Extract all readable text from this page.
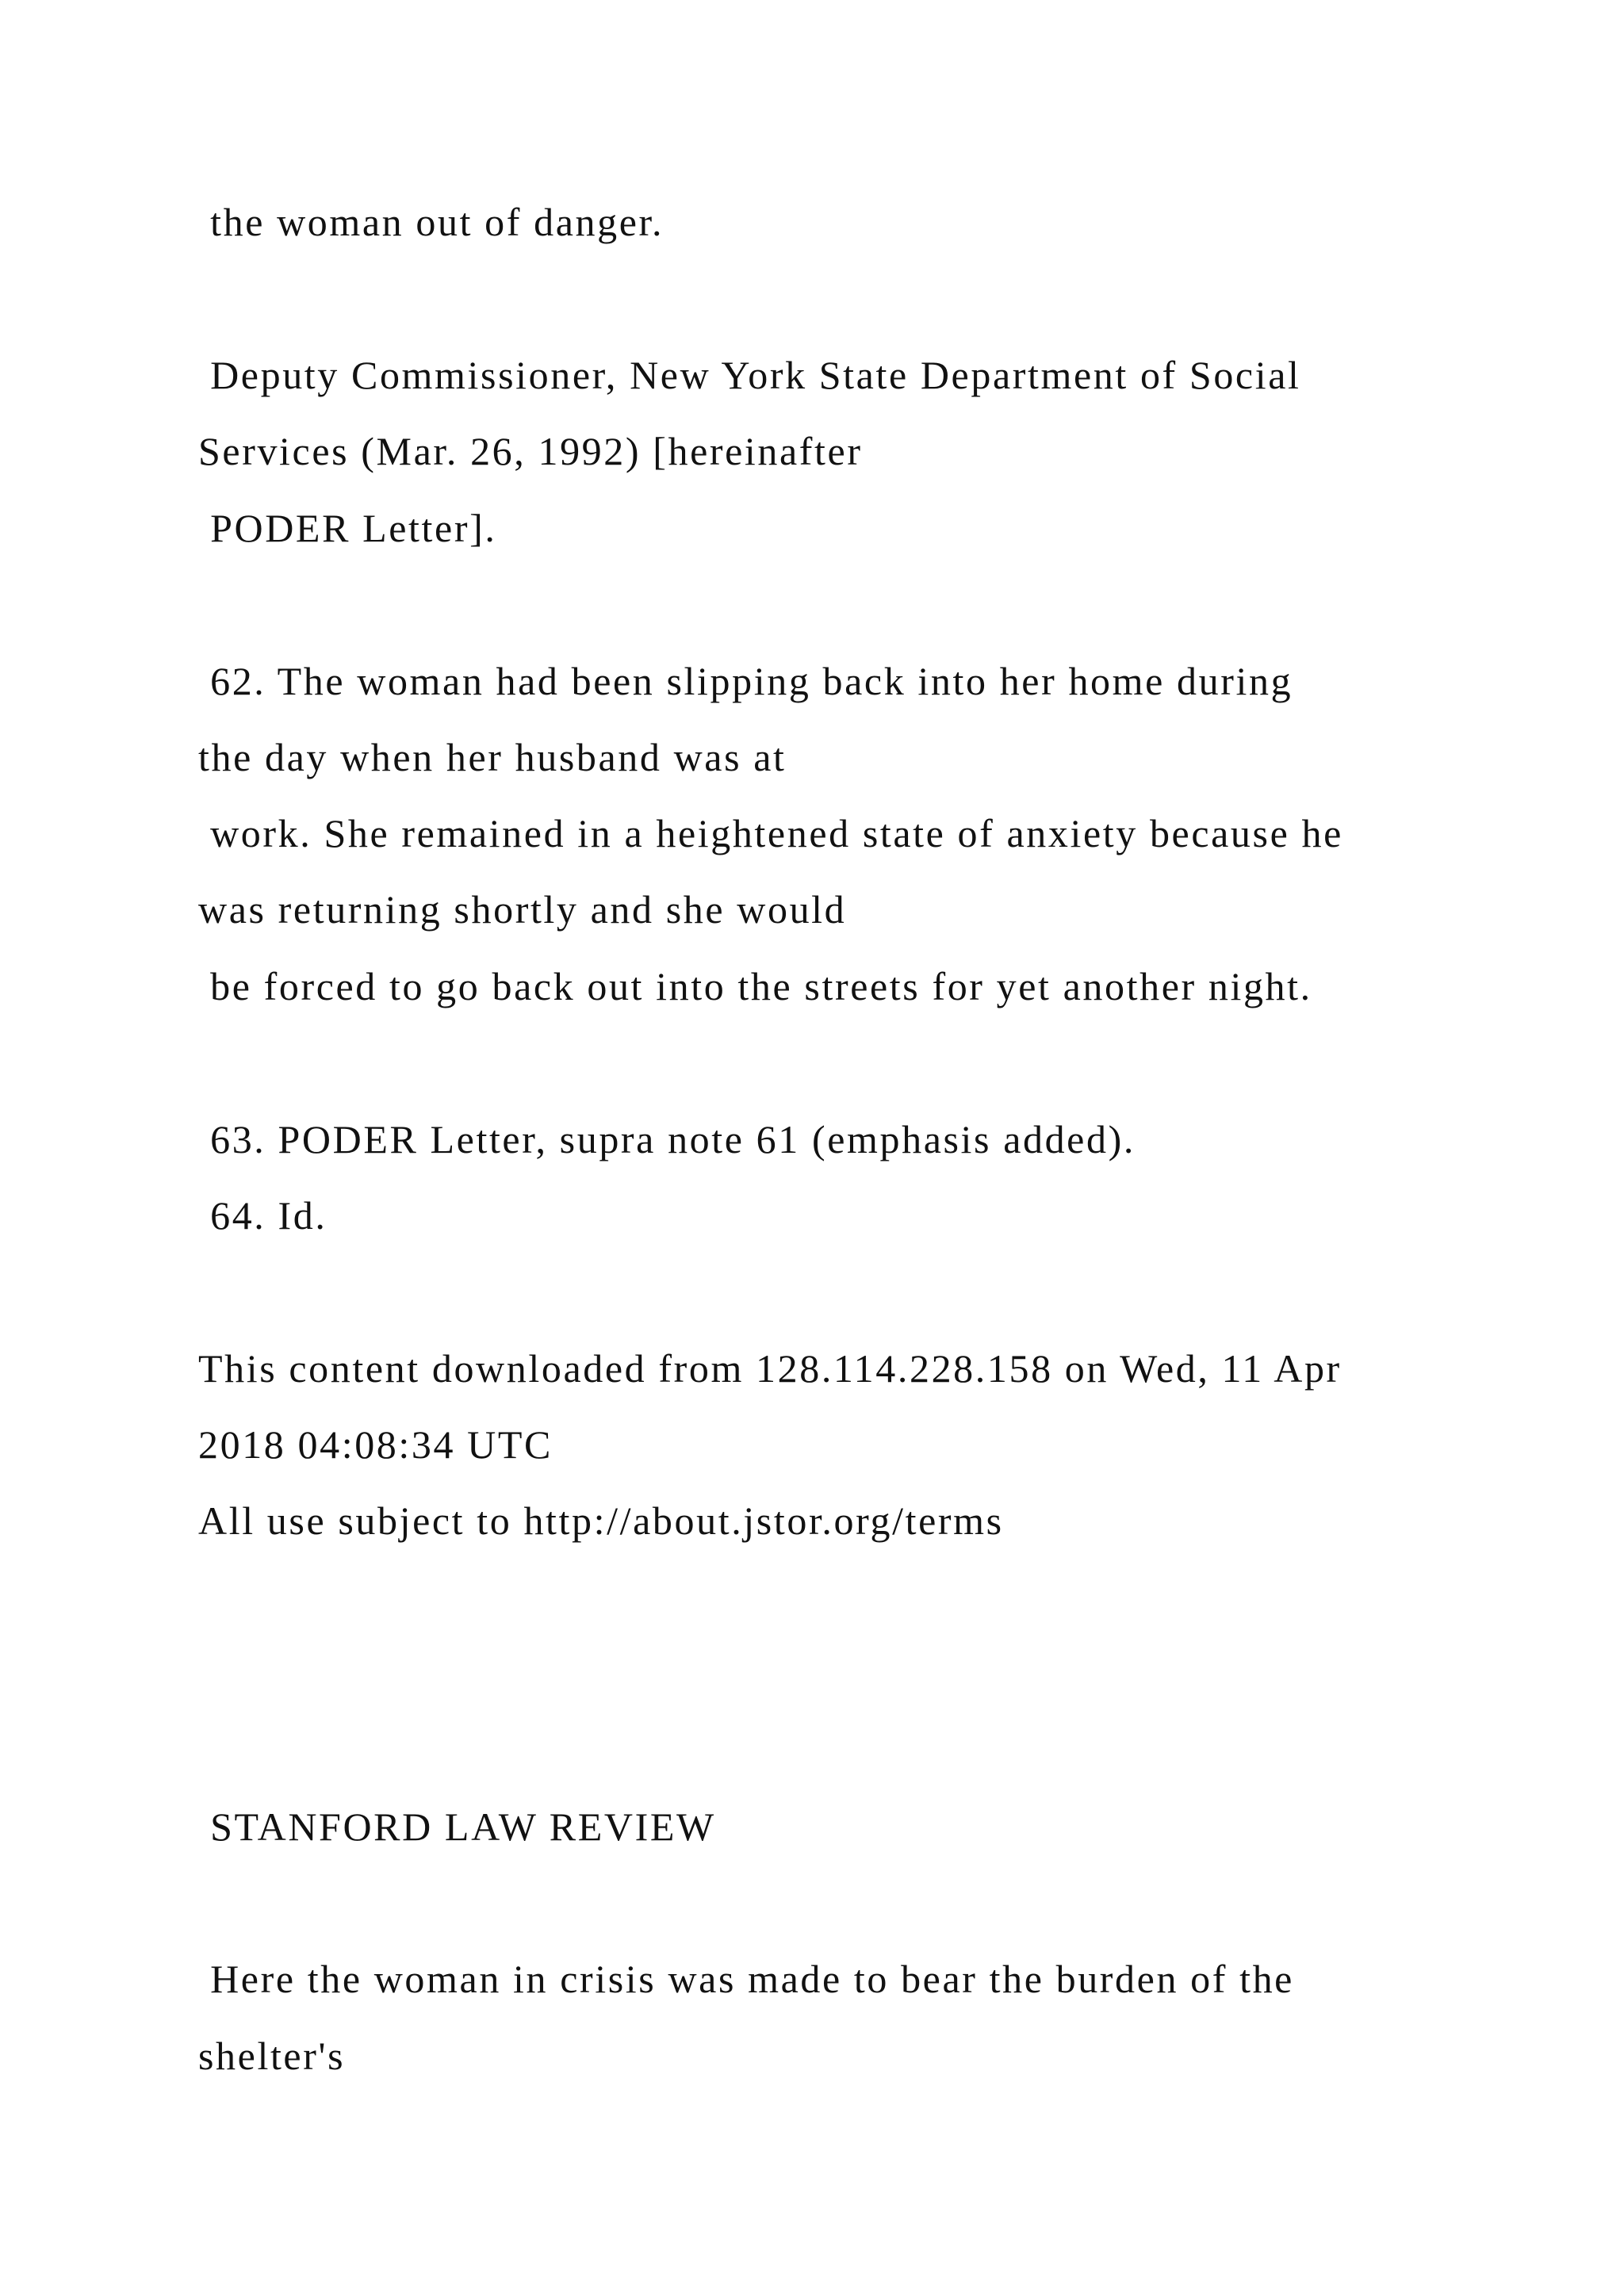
the woman out of danger.

Deputy Commissioner, New York State Department of Social

Services (Mar. 26, 1992) [hereinafter

PODER Letter].

62. The woman had been slipping back into her home during

the day when her husband was at

work. She remained in a heightened state of anxiety because he

was returning shortly and she would

be forced to go back out into the streets for yet another night.

63. PODER Letter, supra note 61 (emphasis added).

64. Id.

This content downloaded from 128.114.228.158 on Wed, 11 Apr

2018 04:08:34 UTC

All use subject to http://about.jstor.org/terms

STANFORD LAW REVIEW

Here the woman in crisis was made to bear the burden of the

shelter's
